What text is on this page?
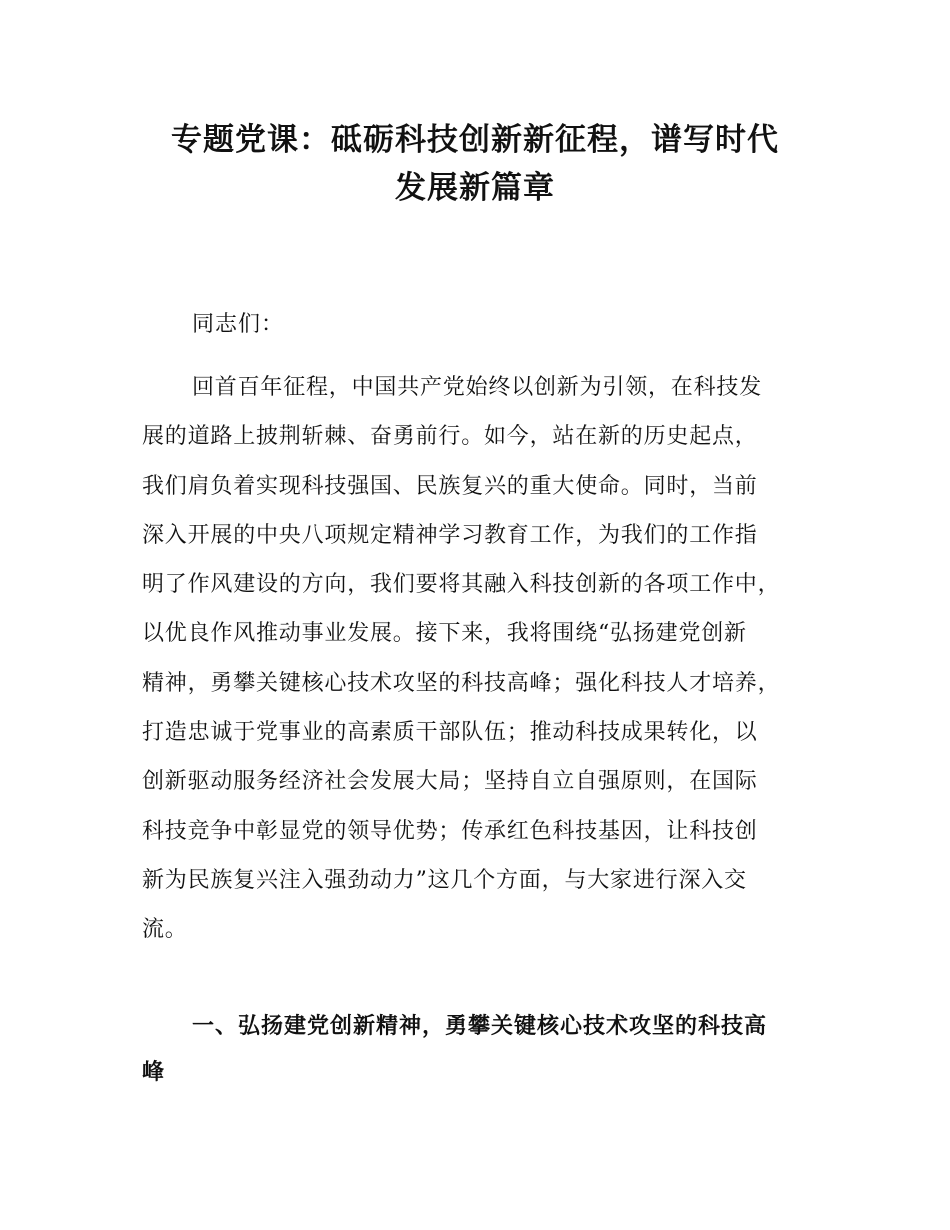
专题党课：砥砺科技创新新征程，谱写时代
发展新篇章

同志们：

回首百年征程，中国共产党始终以创新为引领，在科技发
展的道路上披荆斩棘、奋勇前行。如今，站在新的历史起点，
我们肩负着实现科技强国、民族复兴的重大使命。同时，当前
深入开展的中央八项规定精神学习教育工作，为我们的工作指
明了作风建设的方向，我们要将其融入科技创新的各项工作中，
以优良作风推动事业发展。接下来，我将围绕“弘扬建党创新
精神，勇攀关键核心技术攻坚的科技高峰；强化科技人才培养，
打造忠诚于党事业的高素质干部队伍；推动科技成果转化，以
创新驱动服务经济社会发展大局；坚持自立自强原则，在国际
科技竞争中彰显党的领导优势；传承红色科技基因，让科技创
新为民族复兴注入强劲动力”这几个方面，与大家进行深入交
流。

一、弘扬建党创新精神，勇攀关键核心技术攻坚的科技高
峰
